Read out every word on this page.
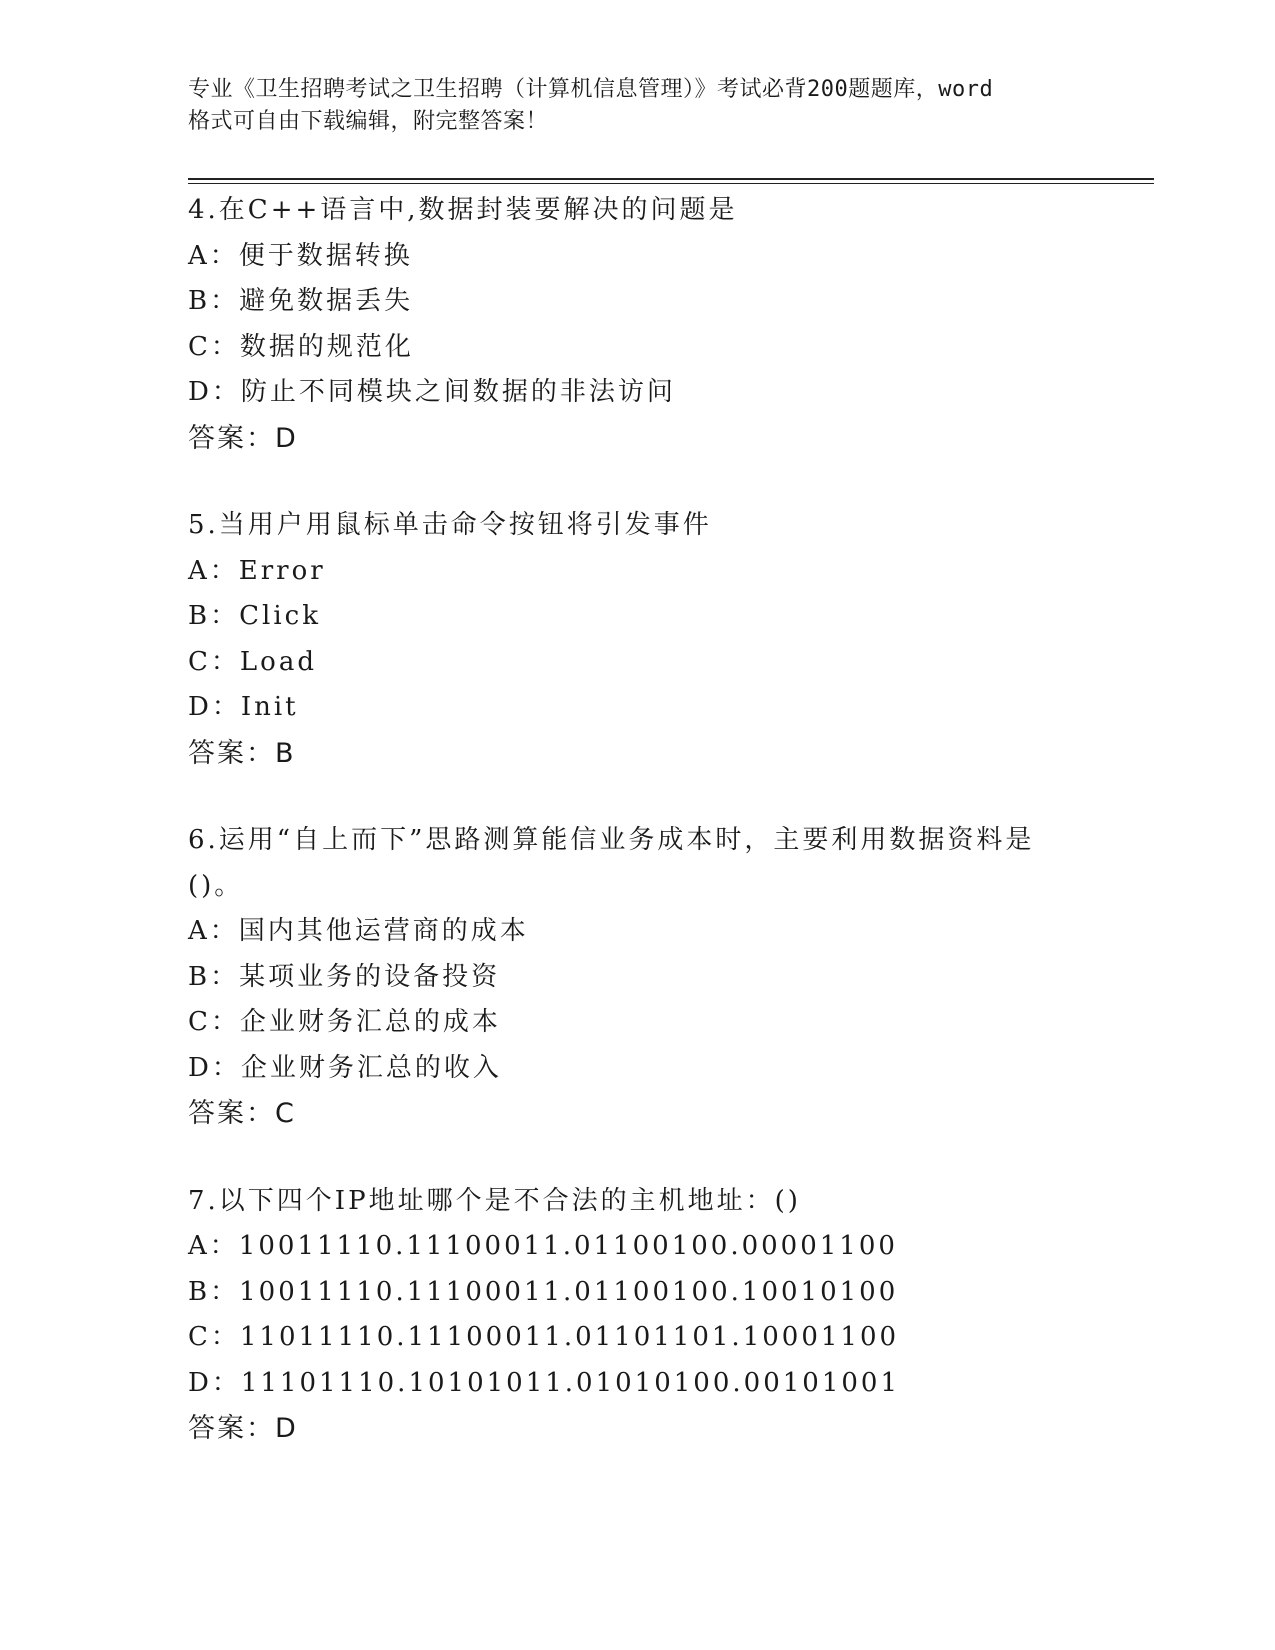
专业《卫生招聘考试之卫生招聘（计算机信息管理）》考试必背200题题库，word
格式可自由下载编辑，附完整答案！
4.在C++语言中,数据封装要解决的问题是
A：便于数据转换
B：避免数据丢失
C：数据的规范化
D：防止不同模块之间数据的非法访问
答案：D
5.当用户用鼠标单击命令按钮将引发事件
A：Error
B：Click
C：Load
D：Init
答案：B
6.运用“自上而下”思路测算能信业务成本时，主要利用数据资料是
()。
A：国内其他运营商的成本
B：某项业务的设备投资
C：企业财务汇总的成本
D：企业财务汇总的收入
答案：C
7.以下四个IP地址哪个是不合法的主机地址：()
A：10011110.11100011.01100100.00001100
B：10011110.11100011.01100100.10010100
C：11011110.11100011.01101101.10001100
D：11101110.10101011.01010100.00101001
答案：D
